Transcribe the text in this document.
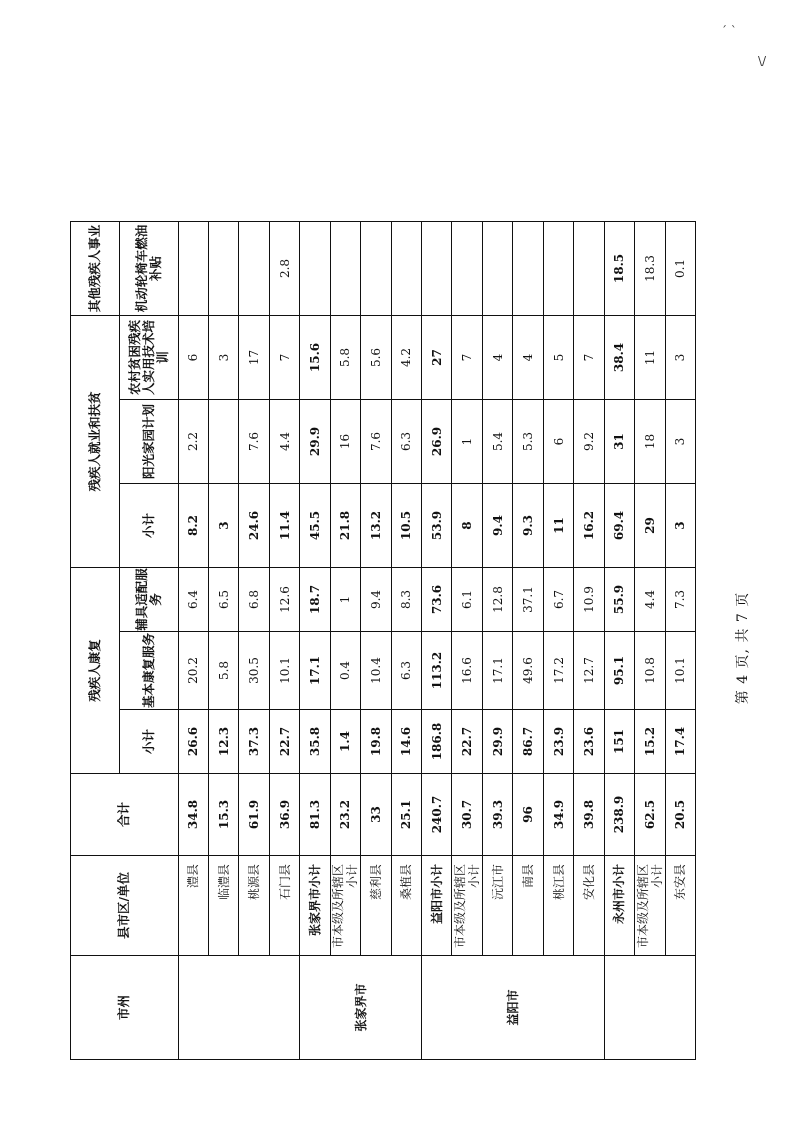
ˊ ˋ
\/
市州	县市区/单位	合计	残疾人康复			残疾人就业和扶贫			其他残疾人事业
			小计	基本康复服务	辅具适配服务	小计	阳光家园计划	农村贫困残疾人实用技术培训	机动轮椅车燃油补贴
	澧县	34.8	26.6	20.2	6.4	8.2	2.2	6	
	临澧县	15.3	12.3	5.8	6.5	3		3	
	桃源县	61.9	37.3	30.5	6.8	24.6	7.6	17	
	石门县	36.9	22.7	10.1	12.6	11.4	4.4	7	2.8
张家界市	张家界市小计	81.3	35.8	17.1	18.7	45.5	29.9	15.6	
	市本级及所辖区小计	23.2	1.4	0.4	1	21.8	16	5.8	
	慈利县	33	19.8	10.4	9.4	13.2	7.6	5.6	
	桑植县	25.1	14.6	6.3	8.3	10.5	6.3	4.2	
益阳市	益阳市小计	240.7	186.8	113.2	73.6	53.9	26.9	27	
	市本级及所辖区小计	30.7	22.7	16.6	6.1	8	1	7	
	沅江市	39.3	29.9	17.1	12.8	9.4	5.4	4	
	南县	96	86.7	49.6	37.1	9.3	5.3	4	
	桃江县	34.9	23.9	17.2	6.7	11	6	5	
	安化县	39.8	23.6	12.7	10.9	16.2	9.2	7	
	永州市小计	238.9	151	95.1	55.9	69.4	31	38.4	18.5
	市本级及所辖区小计	62.5	15.2	10.8	4.4	29	18	11	18.3
	东安县	20.5	17.4	10.1	7.3	3	3	3	0.1
第 4 页, 共 7 页
